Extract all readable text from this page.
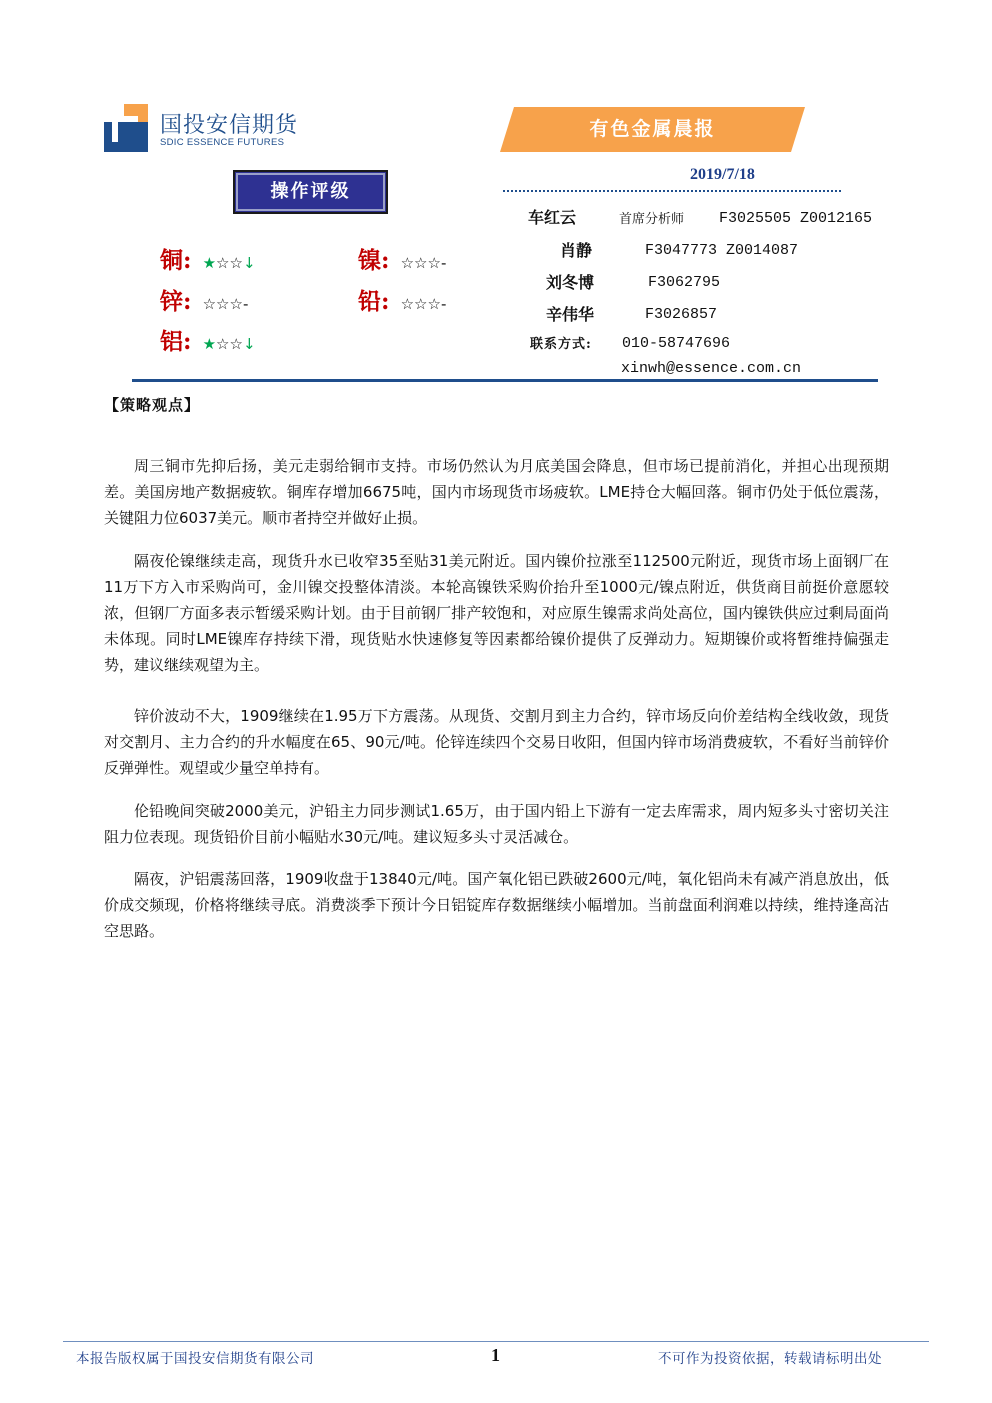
国投安信期货
SDIC ESSENCE FUTURES
有色金属晨报
2019/7/18
操作评级
铜: ★☆☆↓	镍: ☆☆☆-
锌: ☆☆☆-	铅: ☆☆☆-
铝: ★☆☆↓
车红云	首席分析师 F3025505 Z0012165
肖静	F3047773 Z0014087
刘冬博	F3062795
辛伟华	F3026857
联系方式: 010-58747696
xinwh@essence.com.cn
【策略观点】

周三铜市先抑后扬，美元走弱给铜市支持。市场仍然认为月底美国会降息，但市场已提前消化，并担心出现预期差。美国房地产数据疲软。铜库存增加6675吨，国内市场现货市场疲软。LME持仓大幅回落。铜市仍处于低位震荡，关键阻力位6037美元。顺市者持空并做好止损。

隔夜伦镍继续走高，现货升水已收窄35至贴31美元附近。国内镍价拉涨至112500元附近，现货市场上面钢厂在11万下方入市采购尚可，金川镍交投整体清淡。本轮高镍铁采购价抬升至1000元/镍点附近，供货商目前挺价意愿较浓，但钢厂方面多表示暂缓采购计划。由于目前钢厂排产较饱和，对应原生镍需求尚处高位，国内镍铁供应过剩局面尚未体现。同时LME镍库存持续下滑，现货贴水快速修复等因素都给镍价提供了反弹动力。短期镍价或将暂维持偏强走势，建议继续观望为主。

锌价波动不大，1909继续在1.95万下方震荡。从现货、交割月到主力合约，锌市场反向价差结构全线收敛，现货对交割月、主力合约的升水幅度在65、90元/吨。伦锌连续四个交易日收阳，但国内锌市场消费疲软，不看好当前锌价反弹弹性。观望或少量空单持有。

伦铅晚间突破2000美元，沪铅主力同步测试1.65万，由于国内铅上下游有一定去库需求，周内短多头寸密切关注阻力位表现。现货铅价目前小幅贴水30元/吨。建议短多头寸灵活减仓。

隔夜，沪铝震荡回落，1909收盘于13840元/吨。国产氧化铝已跌破2600元/吨，氧化铝尚未有减产消息放出，低价成交频现，价格将继续寻底。消费淡季下预计今日铝锭库存数据继续小幅增加。当前盘面利润难以持续，维持逢高沽空思路。

本报告版权属于国投安信期货有限公司	1	不可作为投资依据，转载请标明出处
